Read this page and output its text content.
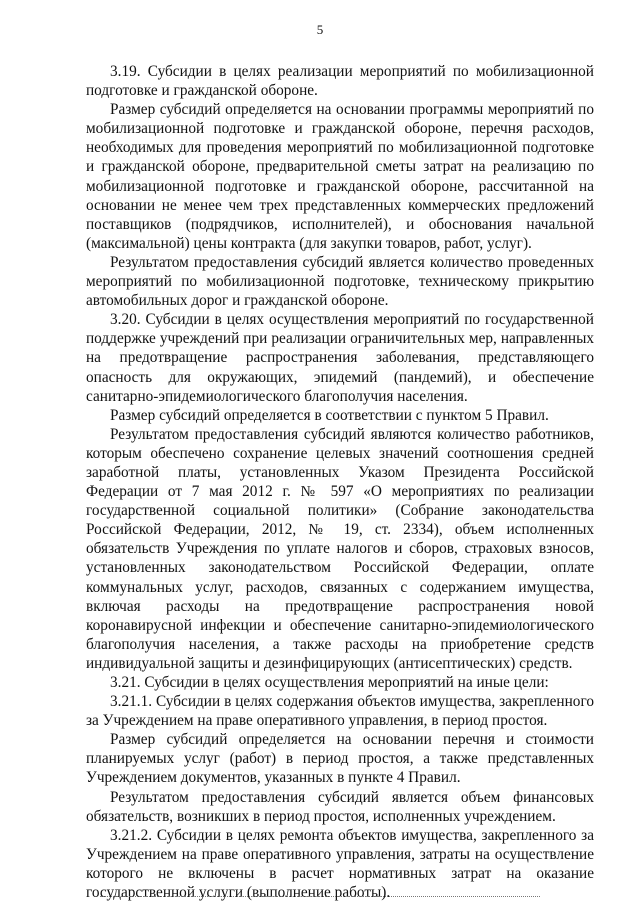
5

3.19. Субсидии в целях реализации мероприятий по мобилизационной подготовке и гражданской обороне.

Размер субсидий определяется на основании программы мероприятий по мобилизационной подготовке и гражданской обороне, перечня расходов, необходимых для проведения мероприятий по мобилизационной подготовке и гражданской обороне, предварительной сметы затрат на реализацию по мобилизационной подготовке и гражданской обороне, рассчитанной на основании не менее чем трех представленных коммерческих предложений поставщиков (подрядчиков, исполнителей), и обоснования начальной (максимальной) цены контракта (для закупки товаров, работ, услуг).

Результатом предоставления субсидий является количество проведенных мероприятий по мобилизационной подготовке, техническому прикрытию автомобильных дорог и гражданской обороне.

3.20. Субсидии в целях осуществления мероприятий по государственной поддержке учреждений при реализации ограничительных мер, направленных на предотвращение распространения заболевания, представляющего опасность для окружающих, эпидемий (пандемий), и обеспечение санитарно-эпидемиологического благополучия населения.

Размер субсидий определяется в соответствии с пунктом 5 Правил.

Результатом предоставления субсидий являются количество работников, которым обеспечено сохранение целевых значений соотношения средней заработной платы, установленных Указом Президента Российской Федерации от 7 мая 2012 г. № 597 «О мероприятиях по реализации государственной социальной политики» (Собрание законодательства Российской Федерации, 2012, № 19, ст. 2334), объем исполненных обязательств Учреждения по уплате налогов и сборов, страховых взносов, установленных законодательством Российской Федерации, оплате коммунальных услуг, расходов, связанных с содержанием имущества, включая расходы на предотвращение распространения новой коронавирусной инфекции и обеспечение санитарно-эпидемиологического благополучия населения, а также расходы на приобретение средств индивидуальной защиты и дезинфицирующих (антисептических) средств.

3.21. Субсидии в целях осуществления мероприятий на иные цели:

3.21.1. Субсидии в целях содержания объектов имущества, закрепленного за Учреждением на праве оперативного управления, в период простоя.

Размер субсидий определяется на основании перечня и стоимости планируемых услуг (работ) в период простоя, а также представленных Учреждением документов, указанных в пункте 4 Правил.

Результатом предоставления субсидий является объем финансовых обязательств, возникших в период простоя, исполненных учреждением.

3.21.2. Субсидии в целях ремонта объектов имущества, закрепленного за Учреждением на праве оперативного управления, затраты на осуществление которого не включены в расчет нормативных затрат на оказание государственной услуги (выполнение работы).
